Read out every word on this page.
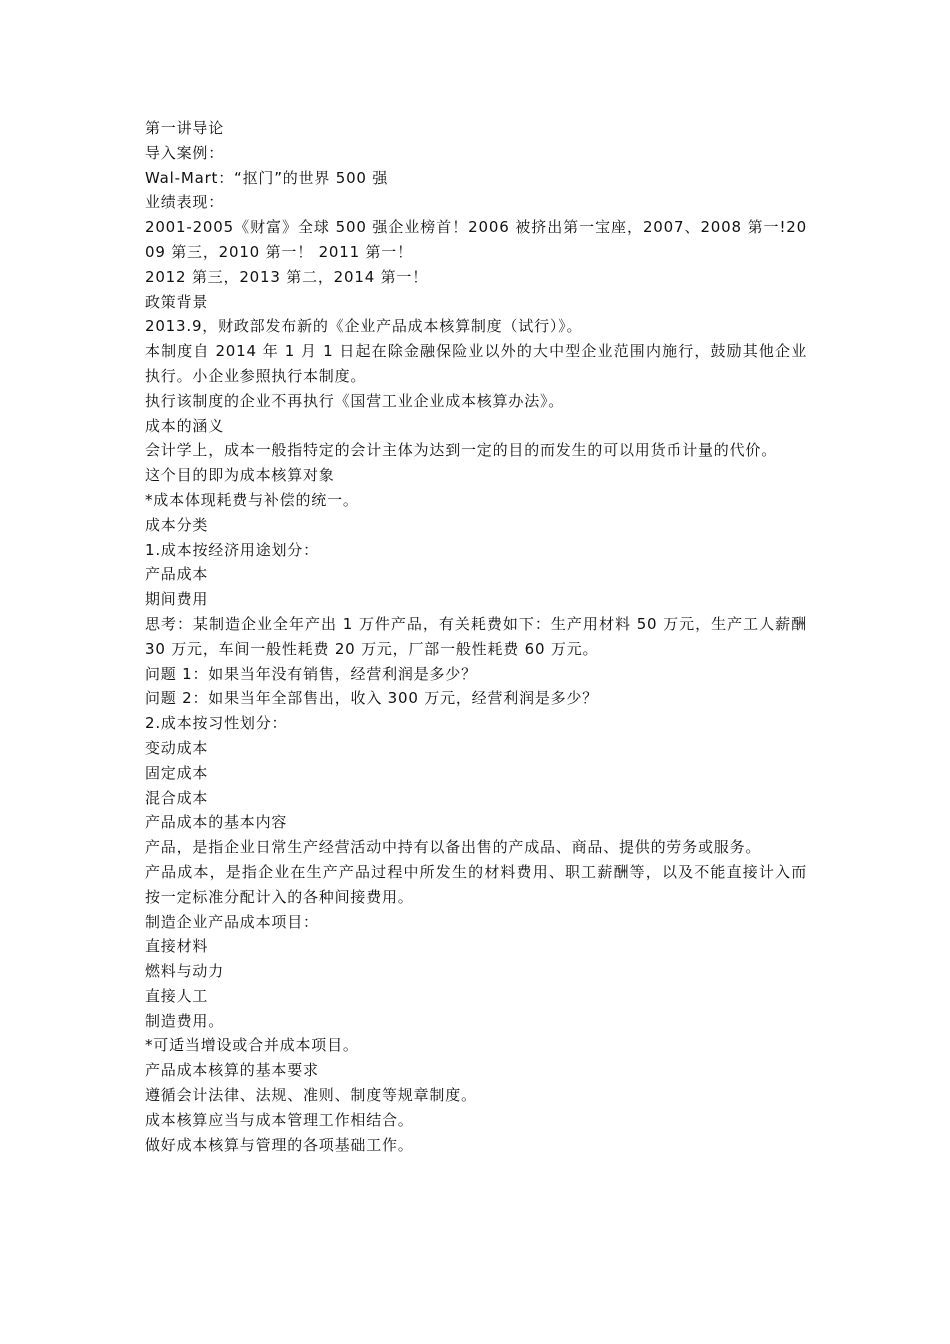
第一讲导论

导入案例：

Wal-Mart：“抠门”的世界 500 强

业绩表现：

2001-2005《财富》全球 500 强企业榜首！2006 被挤出第一宝座，2007、2008 第一!2009 第三，2010 第一！ 2011 第一！

2012 第三，2013 第二，2014 第一！

政策背景

2013.9，财政部发布新的《企业产品成本核算制度（试行）》。

本制度自 2014 年 1 月 1 日起在除金融保险业以外的大中型企业范围内施行，鼓励其他企业执行。小企业参照执行本制度。

执行该制度的企业不再执行《国营工业企业成本核算办法》。

成本的涵义

会计学上，成本一般指特定的会计主体为达到一定的目的而发生的可以用货币计量的代价。

这个目的即为成本核算对象

*成本体现耗费与补偿的统一。

成本分类

1.成本按经济用途划分：

产品成本

期间费用

思考：某制造企业全年产出 1 万件产品，有关耗费如下：生产用材料 50 万元，生产工人薪酬 30 万元，车间一般性耗费 20 万元，厂部一般性耗费 60 万元。

问题 1：如果当年没有销售，经营利润是多少？

问题 2：如果当年全部售出，收入 300 万元，经营利润是多少？

2.成本按习性划分：

变动成本

固定成本

混合成本

产品成本的基本内容

产品，是指企业日常生产经营活动中持有以备出售的产成品、商品、提供的劳务或服务。

产品成本，是指企业在生产产品过程中所发生的材料费用、职工薪酬等，以及不能直接计入而按一定标准分配计入的各种间接费用。

制造企业产品成本项目：

直接材料

燃料与动力

直接人工

制造费用。

*可适当增设或合并成本项目。

产品成本核算的基本要求

遵循会计法律、法规、准则、制度等规章制度。

成本核算应当与成本管理工作相结合。

做好成本核算与管理的各项基础工作。
